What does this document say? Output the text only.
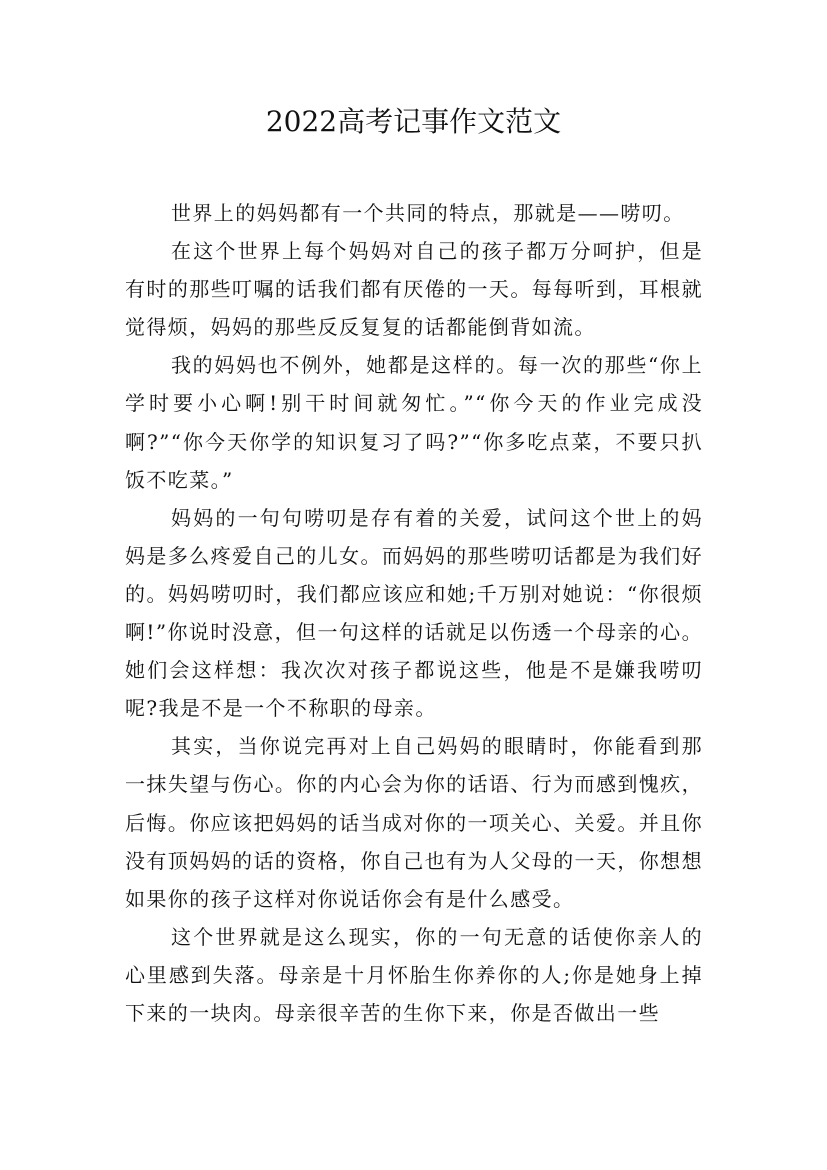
2022高考记事作文范文

世界上的妈妈都有一个共同的特点，那就是——唠叨。

在这个世界上每个妈妈对自己的孩子都万分呵护，但是有时的那些叮嘱的话我们都有厌倦的一天。每每听到，耳根就觉得烦，妈妈的那些反反复复的话都能倒背如流。

我的妈妈也不例外，她都是这样的。每一次的那些“你上学时要小心啊!别干时间就匆忙。”“你今天的作业完成没啊?”“你今天你学的知识复习了吗?”“你多吃点菜，不要只扒饭不吃菜。”

妈妈的一句句唠叨是存有着的关爱，试问这个世上的妈妈是多么疼爱自己的儿女。而妈妈的那些唠叨话都是为我们好的。妈妈唠叨时，我们都应该应和她;千万别对她说：“你很烦啊!”你说时没意，但一句这样的话就足以伤透一个母亲的心。她们会这样想：我次次对孩子都说这些，他是不是嫌我唠叨呢?我是不是一个不称职的母亲。

其实，当你说完再对上自己妈妈的眼睛时，你能看到那一抹失望与伤心。你的内心会为你的话语、行为而感到愧疚，后悔。你应该把妈妈的话当成对你的一项关心、关爱。并且你没有顶妈妈的话的资格，你自己也有为人父母的一天，你想想如果你的孩子这样对你说话你会有是什么感受。

这个世界就是这么现实，你的一句无意的话使你亲人的心里感到失落。母亲是十月怀胎生你养你的人;你是她身上掉下来的一块肉。母亲很辛苦的生你下来，你是否做出一些
